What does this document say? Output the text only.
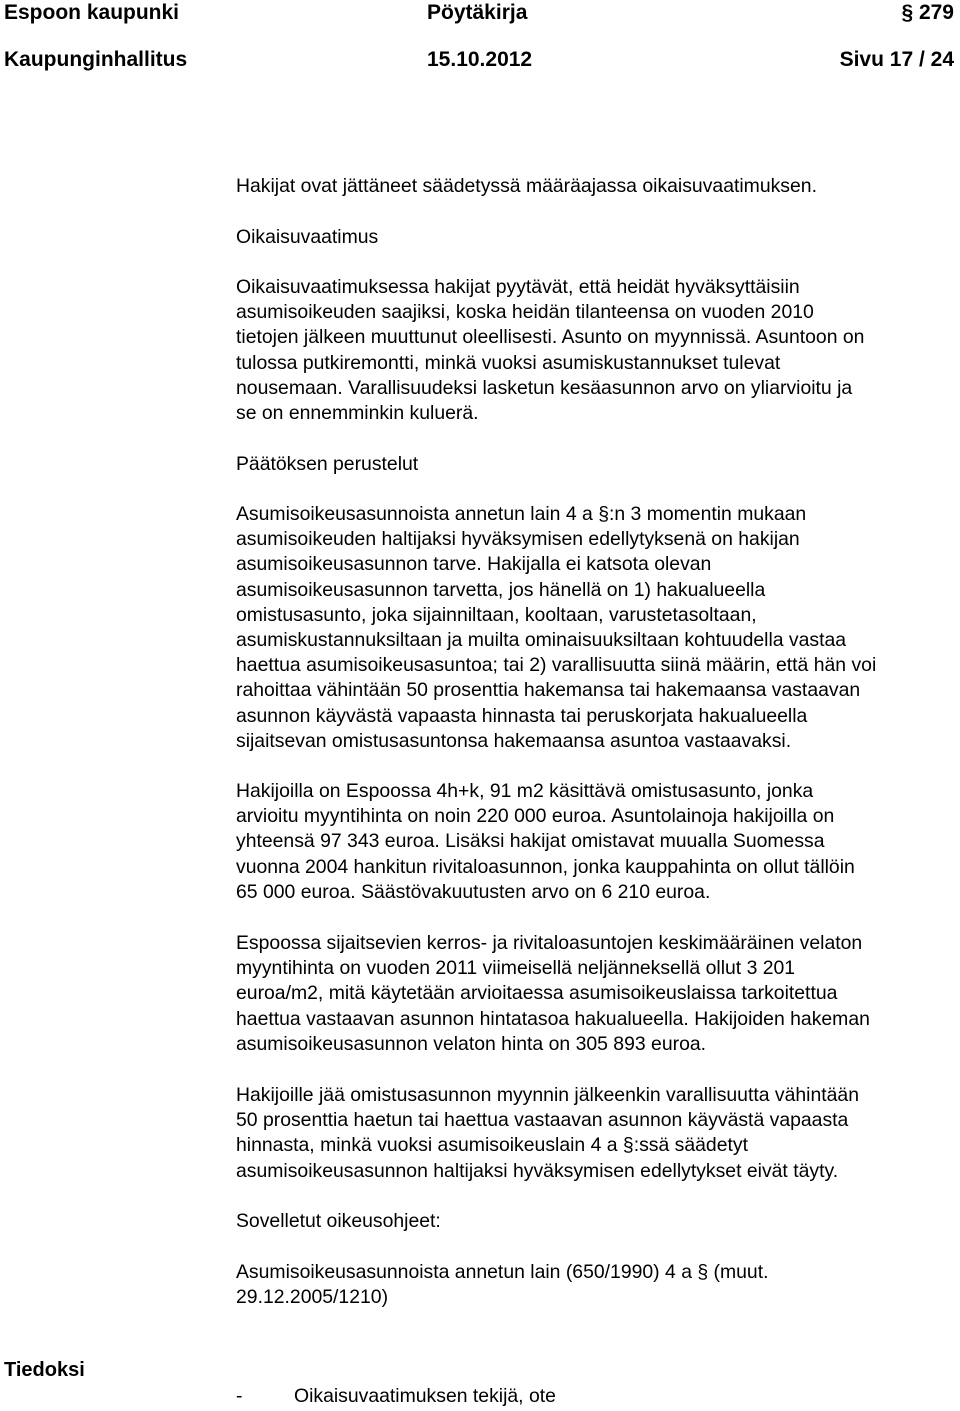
Espoon kaupunki	Pöytäkirja	§ 279
Kaupunginhallitus	15.10.2012	Sivu 17 / 24
Hakijat ovat jättäneet säädetyssä määräajassa oikaisuvaatimuksen.
Oikaisuvaatimus
Oikaisuvaatimuksessa hakijat pyytävät, että heidät hyväksyttäisiin
asumisoikeuden saajiksi, koska heidän tilanteensa on vuoden 2010
tietojen jälkeen muuttunut oleellisesti. Asunto on myynnissä. Asuntoon on
tulossa putkiremontti, minkä vuoksi asumiskustannukset tulevat
nousemaan. Varallisuudeksi lasketun kesäasunnon arvo on yliarvioitu ja
se on ennemminkin kuluerä.
Päätöksen perustelut
Asumisoikeusasunnoista annetun lain 4 a §:n 3 momentin mukaan
asumisoikeuden haltijaksi hyväksymisen edellytyksenä on hakijan
asumisoikeusasunnon tarve. Hakijalla ei katsota olevan
asumisoikeusasunnon tarvetta, jos hänellä on 1) hakualueella
omistusasunto, joka sijainniltaan, kooltaan, varustetasoltaan,
asumiskustannuksiltaan ja muilta ominaisuuksiltaan kohtuudella vastaa
haettua asumisoikeusasuntoa; tai 2) varallisuutta siinä määrin, että hän voi
rahoittaa vähintään 50 prosenttia hakemansa tai hakemaansa vastaavan
asunnon käyvästä vapaasta hinnasta tai peruskorjata hakualueella
sijaitsevan omistusasuntonsa hakemaansa asuntoa vastaavaksi.
Hakijoilla on Espoossa 4h+k, 91 m2 käsittävä omistusasunto, jonka
arvioitu myyntihinta on noin 220 000 euroa. Asuntolainoja hakijoilla on
yhteensä 97 343 euroa. Lisäksi hakijat omistavat muualla Suomessa
vuonna 2004 hankitun rivitaloasunnon, jonka kauppahinta on ollut tällöin
65 000 euroa. Säästövakuutusten arvo on 6 210 euroa.
Espoossa sijaitsevien kerros- ja rivitaloasuntojen keskimääräinen velaton
myyntihinta on vuoden 2011 viimeisellä neljänneksellä ollut 3 201
euroa/m2, mitä käytetään arvioitaessa asumisoikeuslaissa tarkoitettua
haettua vastaavan asunnon hintatasoa hakualueella. Hakijoiden hakeman
asumisoikeusasunnon velaton hinta on 305 893 euroa.
Hakijoille jää omistusasunnon myynnin jälkeenkin varallisuutta vähintään
50 prosenttia haetun tai haettua vastaavan asunnon käyvästä vapaasta
hinnasta, minkä vuoksi asumisoikeuslain 4 a §:ssä säädetyt
asumisoikeusasunnon haltijaksi hyväksymisen edellytykset eivät täyty.
Sovelletut oikeusohjeet:
Asumisoikeusasunnoista annetun lain (650/1990) 4 a § (muut.
29.12.2005/1210)
Tiedoksi
-	Oikaisuvaatimuksen tekijä, ote
